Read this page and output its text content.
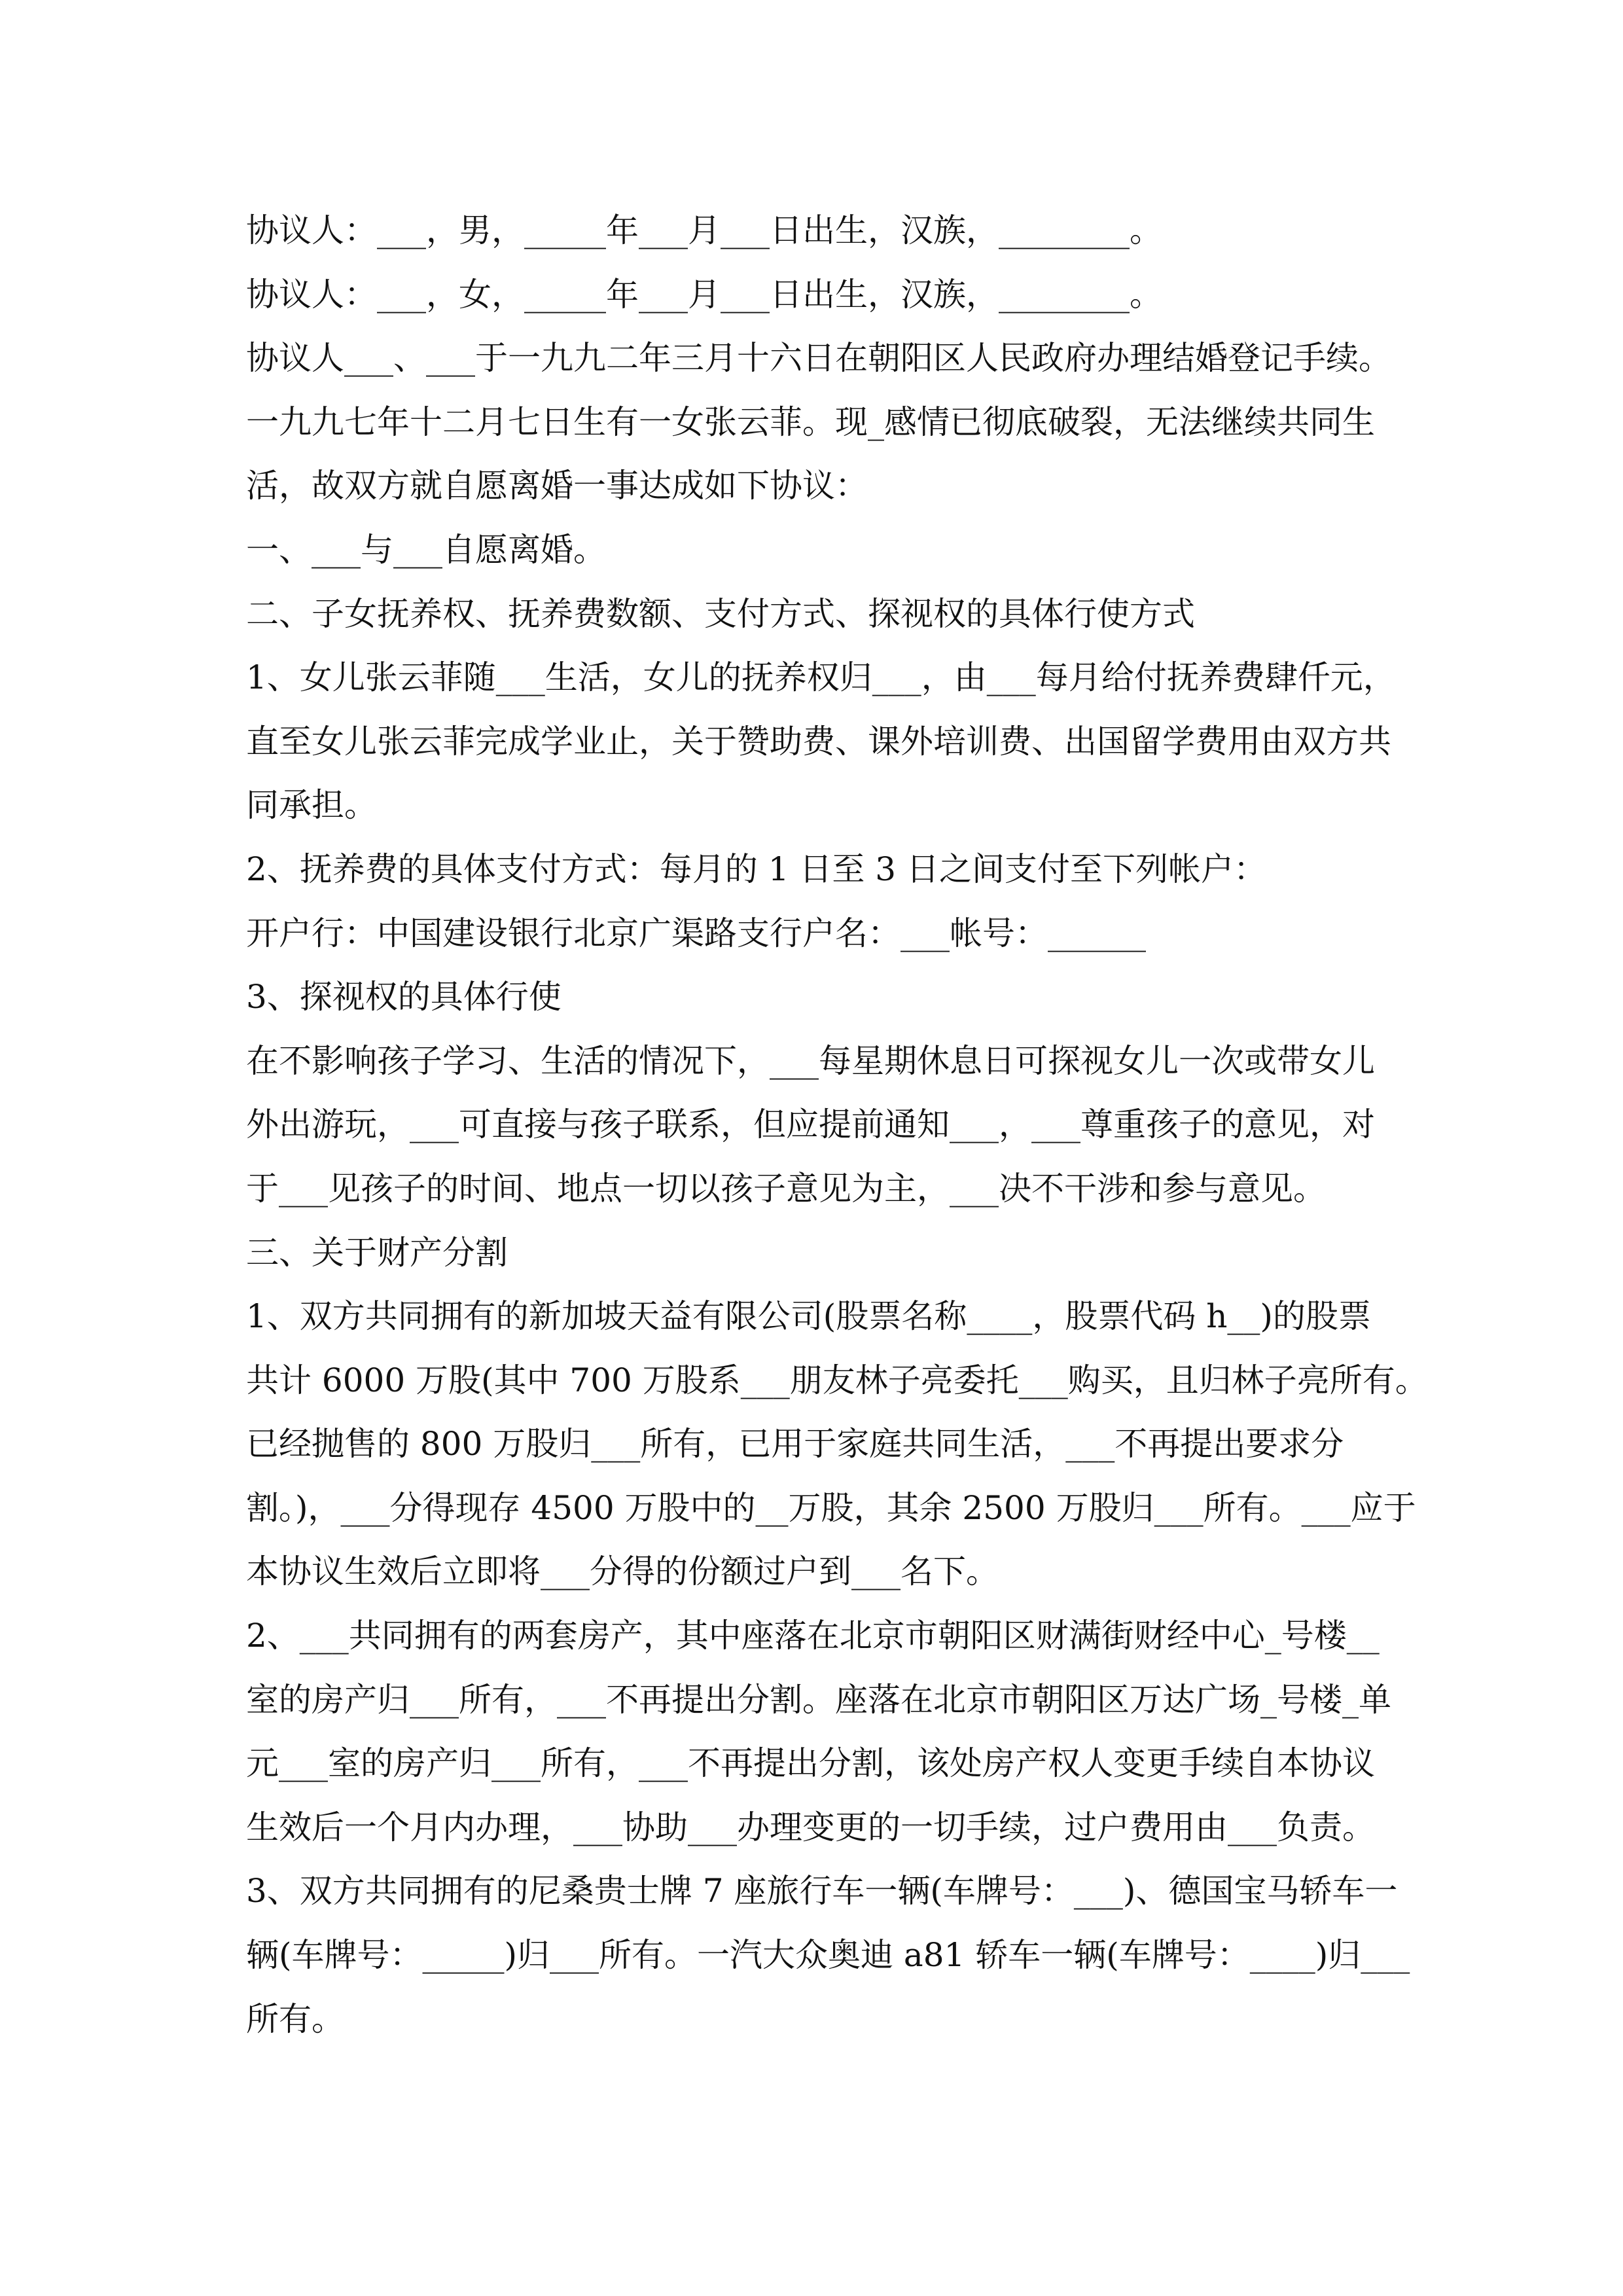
协议人：___，男，_____年___月___日出生，汉族，________。
协议人：___，女，_____年___月___日出生，汉族，________。
协议人___、___于一九九二年三月十六日在朝阳区人民政府办理结婚登记手续。
一九九七年十二月七日生有一女张云菲。现_感情已彻底破裂，无法继续共同生
活，故双方就自愿离婚一事达成如下协议：
一、___与___自愿离婚。
二、子女抚养权、抚养费数额、支付方式、探视权的具体行使方式
1、女儿张云菲随___生活，女儿的抚养权归___，由___每月给付抚养费肆仟元，
直至女儿张云菲完成学业止，关于赞助费、课外培训费、出国留学费用由双方共
同承担。
2、抚养费的具体支付方式：每月的 1 日至 3 日之间支付至下列帐户：
开户行：中国建设银行北京广渠路支行户名：___帐号：______
3、探视权的具体行使
在不影响孩子学习、生活的情况下，___每星期休息日可探视女儿一次或带女儿
外出游玩，___可直接与孩子联系，但应提前通知___，___尊重孩子的意见，对
于___见孩子的时间、地点一切以孩子意见为主，___决不干涉和参与意见。
三、关于财产分割
1、双方共同拥有的新加坡天益有限公司(股票名称____，股票代码 h__)的股票
共计 6000 万股(其中 700 万股系___朋友林子亮委托___购买，且归林子亮所有。
已经抛售的 800 万股归___所有，已用于家庭共同生活，___不再提出要求分
割。)，___分得现存 4500 万股中的__万股，其余 2500 万股归___所有。___应于
本协议生效后立即将___分得的份额过户到___名下。
2、___共同拥有的两套房产，其中座落在北京市朝阳区财满街财经中心_号楼__
室的房产归___所有，___不再提出分割。座落在北京市朝阳区万达广场_号楼_单
元___室的房产归___所有，___不再提出分割，该处房产权人变更手续自本协议
生效后一个月内办理，___协助___办理变更的一切手续，过户费用由___负责。
3、双方共同拥有的尼桑贵士牌 7 座旅行车一辆(车牌号：___)、德国宝马轿车一
辆(车牌号：_____)归___所有。一汽大众奥迪 a81 轿车一辆(车牌号：____)归___
所有。
